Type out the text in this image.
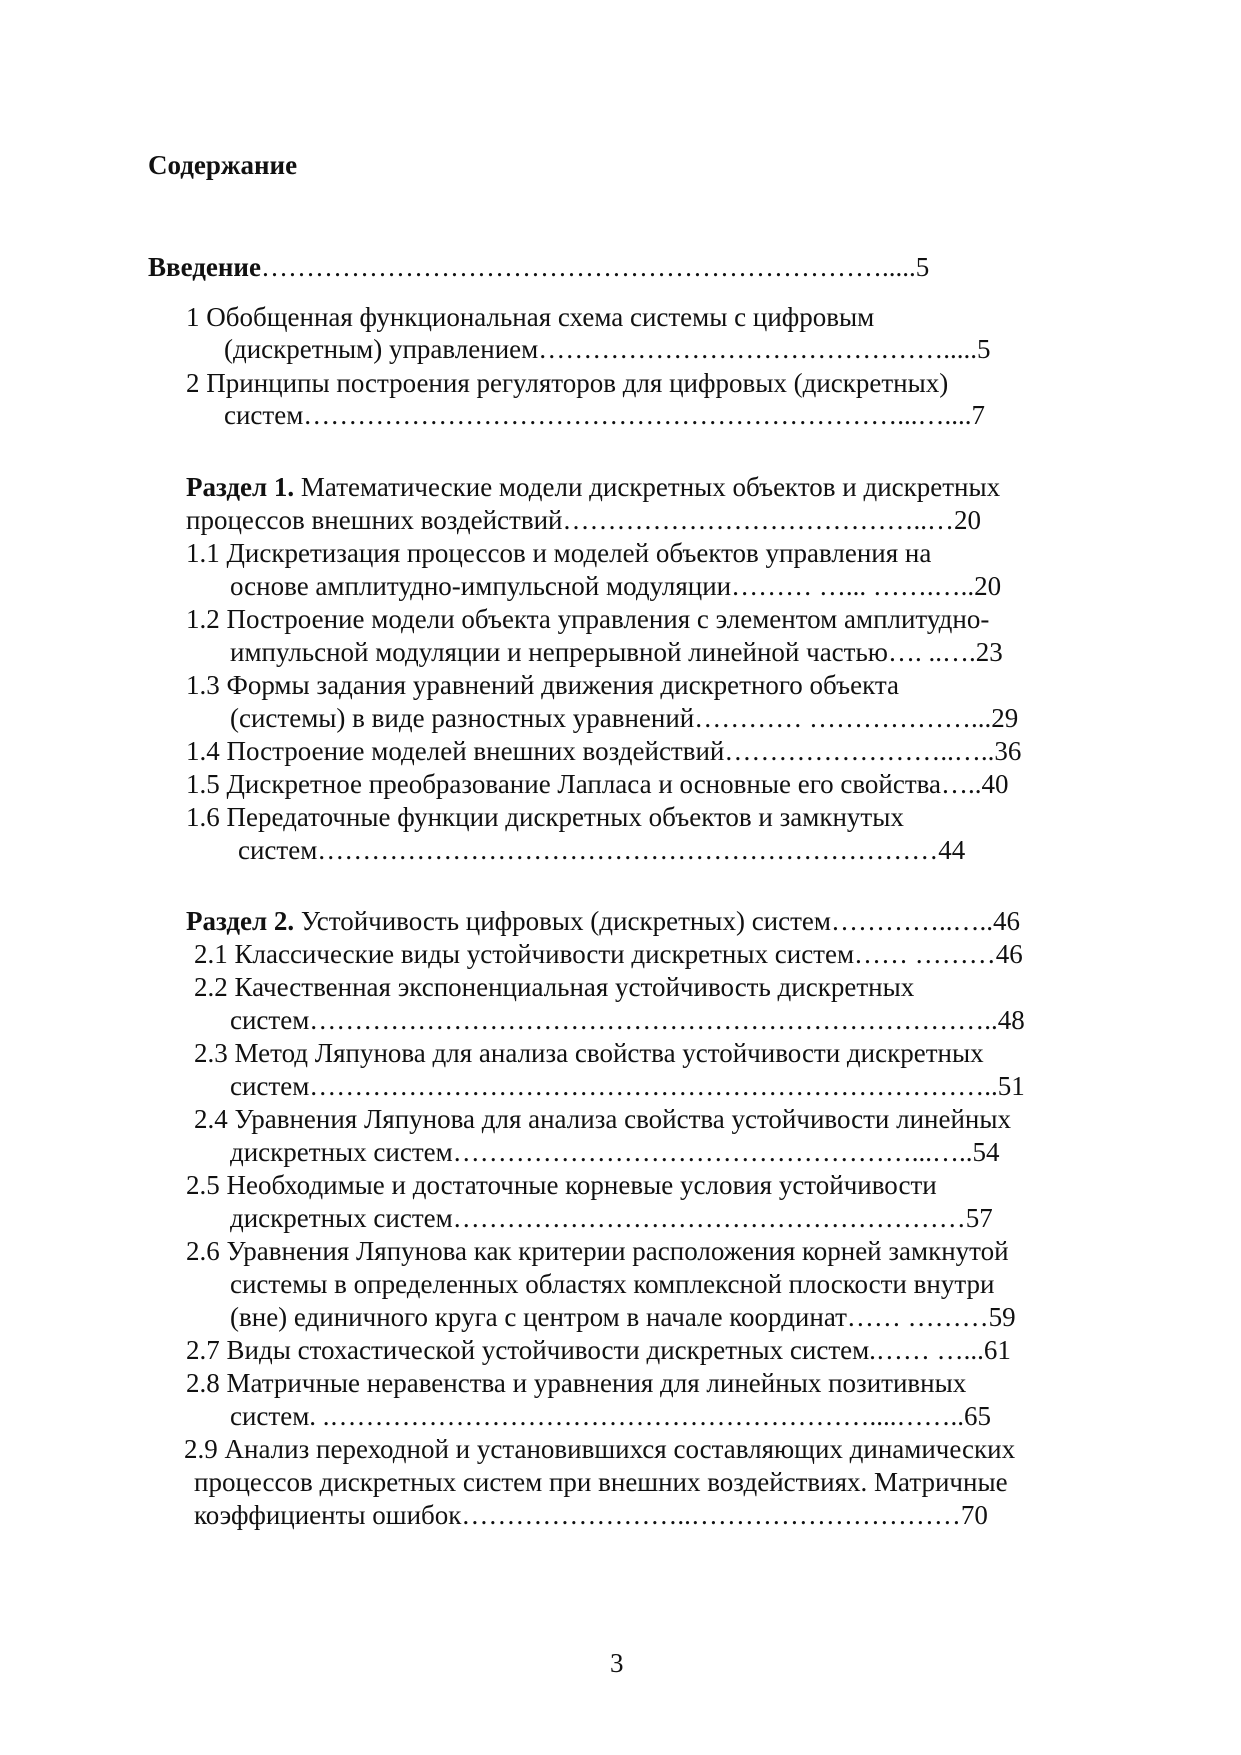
Содержание
Введение…………………………………………………………….....5
1 Обобщенная функциональная схема системы с цифровым
(дискретным) управлением……………………………………….....5
2 Принципы построения регуляторов для цифровых (дискретных)
систем…………………………………………………………...…....7
Раздел 1. Математические модели дискретных объектов и дискретных
процессов внешних воздействий…………………………………..…20
1.1 Дискретизация процессов и моделей объектов управления на
основе амплитудно-импульсной модуляции……… …... …….…..20
1.2 Построение модели объекта управления с элементом амплитудно-
импульсной модуляции и непрерывной линейной частью…. ..….23
1.3 Формы задания уравнений движения дискретного объекта
(системы) в виде разностных уравнений………… ………………...29
1.4 Построение моделей внешних воздействий……………………..…..36
1.5 Дискретное преобразование Лапласа и основные его свойства…..40
1.6 Передаточные функции дискретных объектов и замкнутых
систем……………………………………………………………44
Раздел 2. Устойчивость цифровых (дискретных) систем…………..…..46
2.1 Классические виды устойчивости дискретных систем…… ………46
2.2 Качественная экспоненциальная устойчивость дискретных
систем…………………………………………………………………..48
2.3 Метод Ляпунова для анализа свойства устойчивости дискретных
систем…………………………………………………………………..51
2.4 Уравнения Ляпунова для анализа свойства устойчивости линейных
дискретных систем……………………………………………...…..54
2.5 Необходимые и достаточные корневые условия устойчивости
дискретных систем…………………………………………………57
2.6 Уравнения Ляпунова как критерии расположения корней замкнутой
системы в определенных областях комплексной плоскости внутри
(вне) единичного круга с центром в начале координат…… ………59
2.7 Виды стохастической устойчивости дискретных систем.…… …...61
2.8 Матричные неравенства и уравнения для линейных позитивных
систем. .……………………………………………………....……..65
2.9 Анализ переходной и установившихся составляющих динамических
процессов дискретных систем при внешних воздействиях. Матричные
коэффициенты ошибок……………………..…………………………70
3
